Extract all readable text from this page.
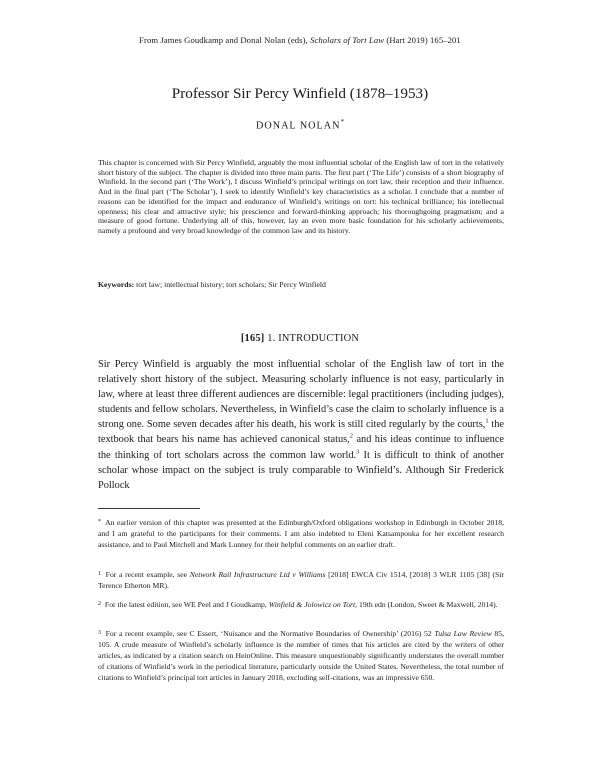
From James Goudkamp and Donal Nolan (eds), Scholars of Tort Law (Hart 2019) 165–201
Professor Sir Percy Winfield (1878–1953)
DONAL NOLAN*

This chapter is concerned with Sir Percy Winfield, arguably the most influential scholar of the English law of tort in the relatively short history of the subject. The chapter is divided into three main parts. The first part (‘The Life’) consists of a short biography of Winfield. In the second part (‘The Work’), I discuss Winfield’s principal writings on tort law, their reception and their influence. And in the final part (‘The Scholar’), I seek to identify Winfield’s key characteristics as a scholar. I conclude that a number of reasons can be identified for the impact and endurance of Winfield’s writings on tort: his technical brilliance; his intellectual openness; his clear and attractive style; his prescience and forward-thinking approach; his thoroughgoing pragmatism; and a measure of good fortune. Underlying all of this, however, lay an even more basic foundation for his scholarly achievements, namely a profound and very broad knowledge of the common law and its history.

Keywords: tort law; intellectual history; tort scholars; Sir Percy Winfield
[165] 1. INTRODUCTION

Sir Percy Winfield is arguably the most influential scholar of the English law of tort in the relatively short history of the subject. Measuring scholarly influence is not easy, particularly in law, where at least three different audiences are discernible: legal practitioners (including judges), students and fellow scholars. Nevertheless, in Winfield’s case the claim to scholarly influence is a strong one. Some seven decades after his death, his work is still cited regularly by the courts,$^1$ the textbook that bears his name has achieved canonical status,$^2$ and his ideas continue to influence the thinking of tort scholars across the common law world.$^3$ It is difficult to think of another scholar whose impact on the subject is truly comparable to Winfield’s. Although Sir Frederick Pollock

* An earlier version of this chapter was presented at the Edinburgh/Oxford obligations workshop in Edinburgh in October 2018, and I am grateful to the participants for their comments. I am also indebted to Eleni Katsampouka for her excellent research assistance, and to Paul Mitchell and Mark Lunney for their helpful comments on an earlier draft.

$^1$ For a recent example, see Network Rail Infrastructure Ltd v Williams [2018] EWCA Civ 1514, [2018] 3 WLR 1105 [38] (Sir Terence Etherton MR).

$^2$ For the latest edition, see WE Peel and J Goudkamp, Winfield & Jolowicz on Tort, 19th edn (London, Sweet & Maxwell, 2014).

$^3$ For a recent example, see C Essert, ‘Nuisance and the Normative Boundaries of Ownership’ (2016) 52 Tulsa Law Review 85, 105. A crude measure of Winfield’s scholarly influence is the number of times that his articles are cited by the writers of other articles, as indicated by a citation search on HeinOnline. This measure unquestionably significantly understates the overall number of citations of Winfield’s work in the periodical literature, particularly outside the United States. Nevertheless, the total number of citations to Winfield’s principal tort articles in January 2018, excluding self-citations, was an impressive 650.
